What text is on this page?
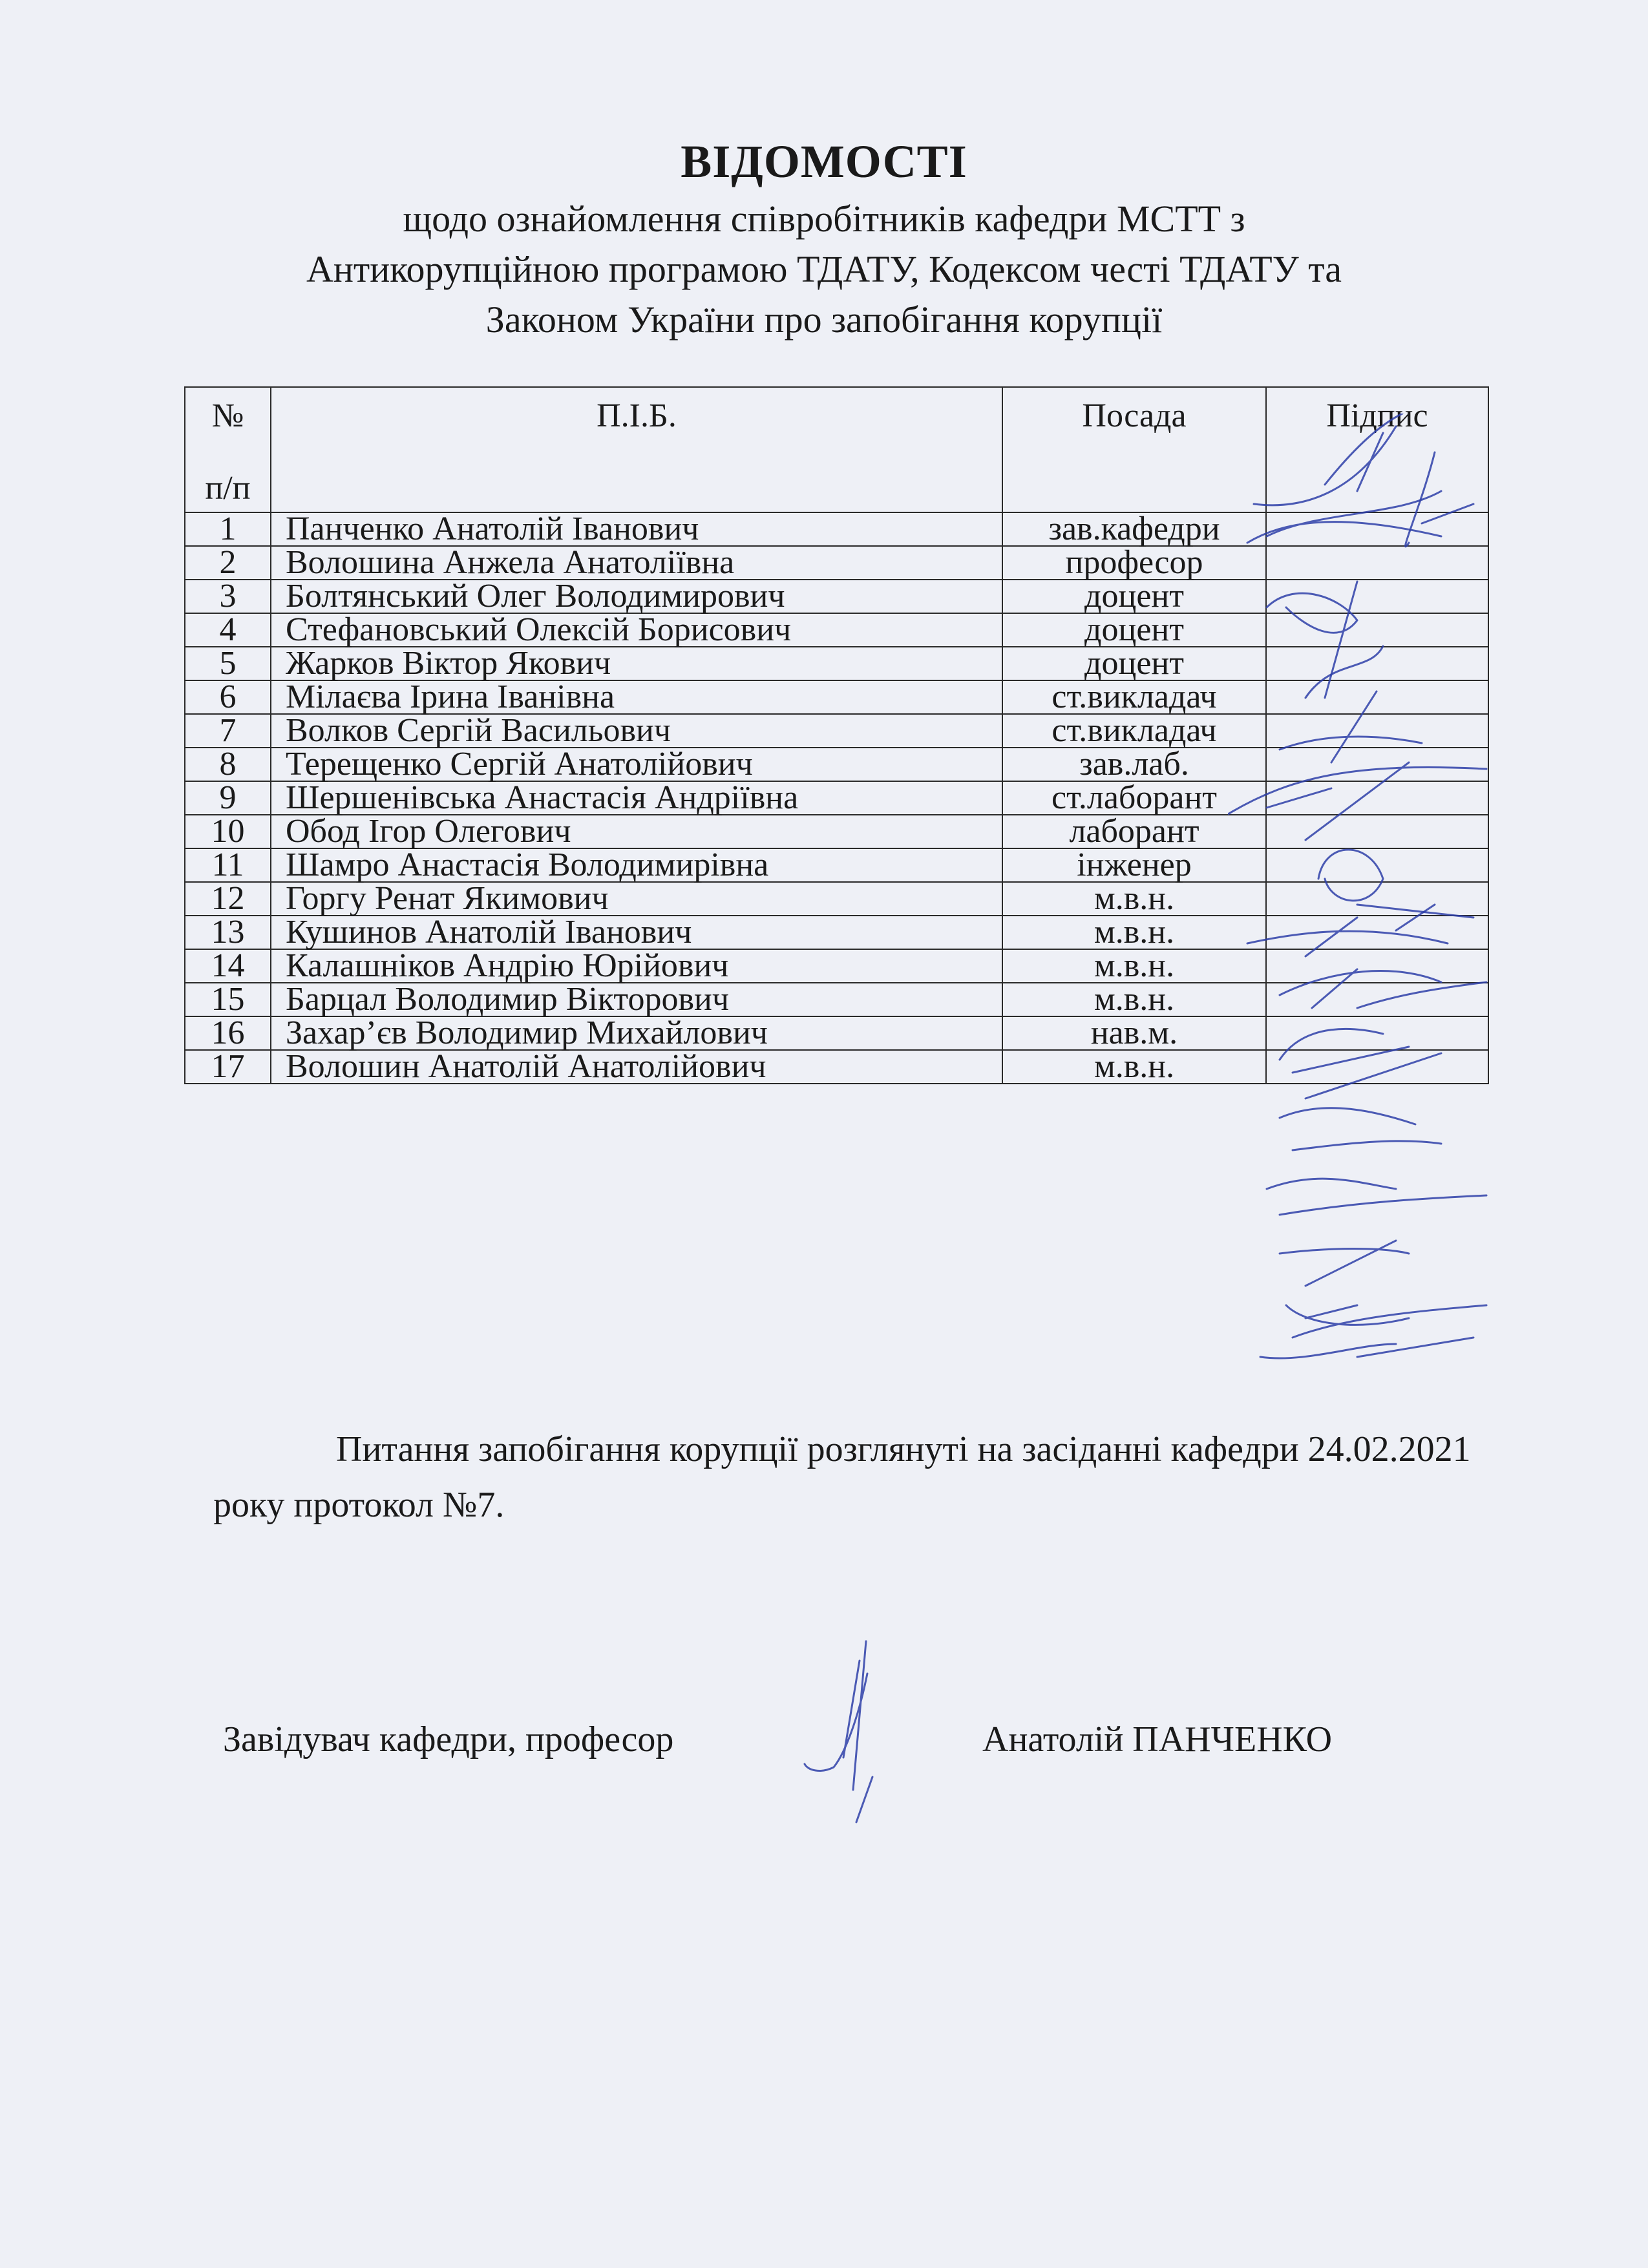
ВІДОМОСТІ
щодо ознайомлення співробітників кафедри МСТТ з
Антикорупційною програмою ТДАТУ, Кодексом честі ТДАТУ та
Законом України про запобігання корупції
№
п/п	П.І.Б.	Посада	Підпис
1	Панченко Анатолій Іванович	зав.кафедри	
2	Волошина Анжела Анатоліївна	професор	
3	Болтянський Олег Володимирович	доцент	
4	Стефановський Олексій Борисович	доцент	
5	Жарков Віктор Якович	доцент	
6	Мілаєва Ірина Іванівна	ст.викладач	
7	Волков Сергій Васильович	ст.викладач	
8	Терещенко Сергій Анатолійович	зав.лаб.	
9	Шершенівська Анастасія Андріївна	ст.лаборант	
10	Обод Ігор Олегович	лаборант	
11	Шамро Анастасія Володимирівна	інженер	
12	Горгу Ренат Якимович	м.в.н.	
13	Кушинов Анатолій Іванович	м.в.н.	
14	Калашніков Андрію Юрійович	м.в.н.	
15	Барцал Володимир Вікторович	м.в.н.	
16	Захар’єв Володимир Михайлович	нав.м.	
17	Волошин Анатолій Анатолійович	м.в.н.	
Питання запобігання корупції розглянуті на засіданні кафедри 24.02.2021 року протокол №7.
Завідувач кафедри, професор	Анатолій ПАНЧЕНКО
